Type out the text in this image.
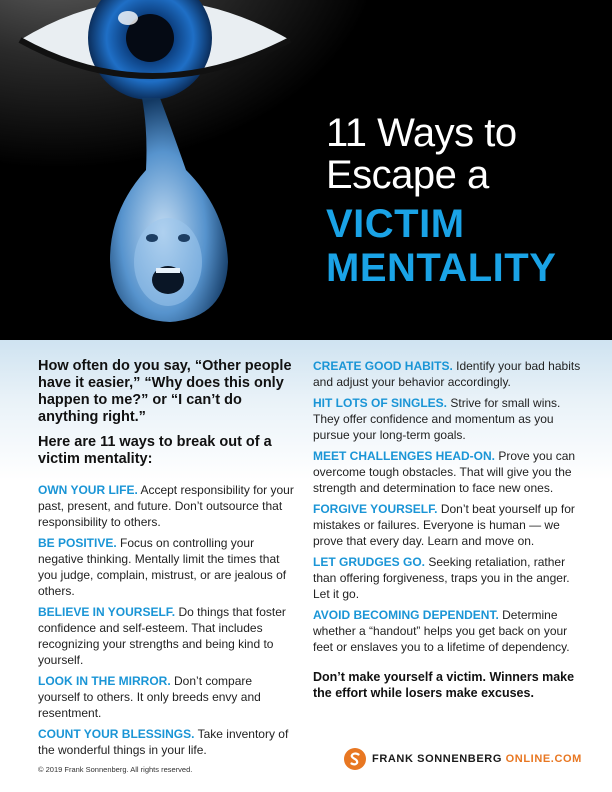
11 Ways to
Escape a
VICTIM
MENTALITY

How often do you say, “Other people have it easier,” “Why does this only happen to me?” or “I can’t do anything right.”

Here are 11 ways to break out of a victim mentality:

OWN YOUR LIFE. Accept responsibility for your past, present, and future. Don’t outsource that responsibility to others.

BE POSITIVE. Focus on controlling your negative thinking. Mentally limit the times that you judge, complain, mistrust, or are jealous of others.

BELIEVE IN YOURSELF. Do things that foster confidence and self-esteem. That includes recognizing your strengths and being kind to yourself.

LOOK IN THE MIRROR. Don’t compare yourself to others. It only breeds envy and resentment.

COUNT YOUR BLESSINGS. Take inventory of the wonderful things in your life.

CREATE GOOD HABITS. Identify your bad habits and adjust your behavior accordingly.

HIT LOTS OF SINGLES. Strive for small wins. They offer confidence and momentum as you pursue your long-term goals.

MEET CHALLENGES HEAD-ON. Prove you can overcome tough obstacles. That will give you the strength and determination to face new ones.

FORGIVE YOURSELF. Don’t beat yourself up for mistakes or failures. Everyone is human — we prove that every day. Learn and move on.

LET GRUDGES GO. Seeking retaliation, rather than offering forgiveness, traps you in the anger. Let it go.

AVOID BECOMING DEPENDENT. Determine whether a “handout” helps you get back on your feet or enslaves you to a lifetime of dependency.

Don’t make yourself a victim. Winners make the effort while losers make excuses.

© 2019 Frank Sonnenberg. All rights reserved.
FRANK SONNENBERG ONLINE.COM
